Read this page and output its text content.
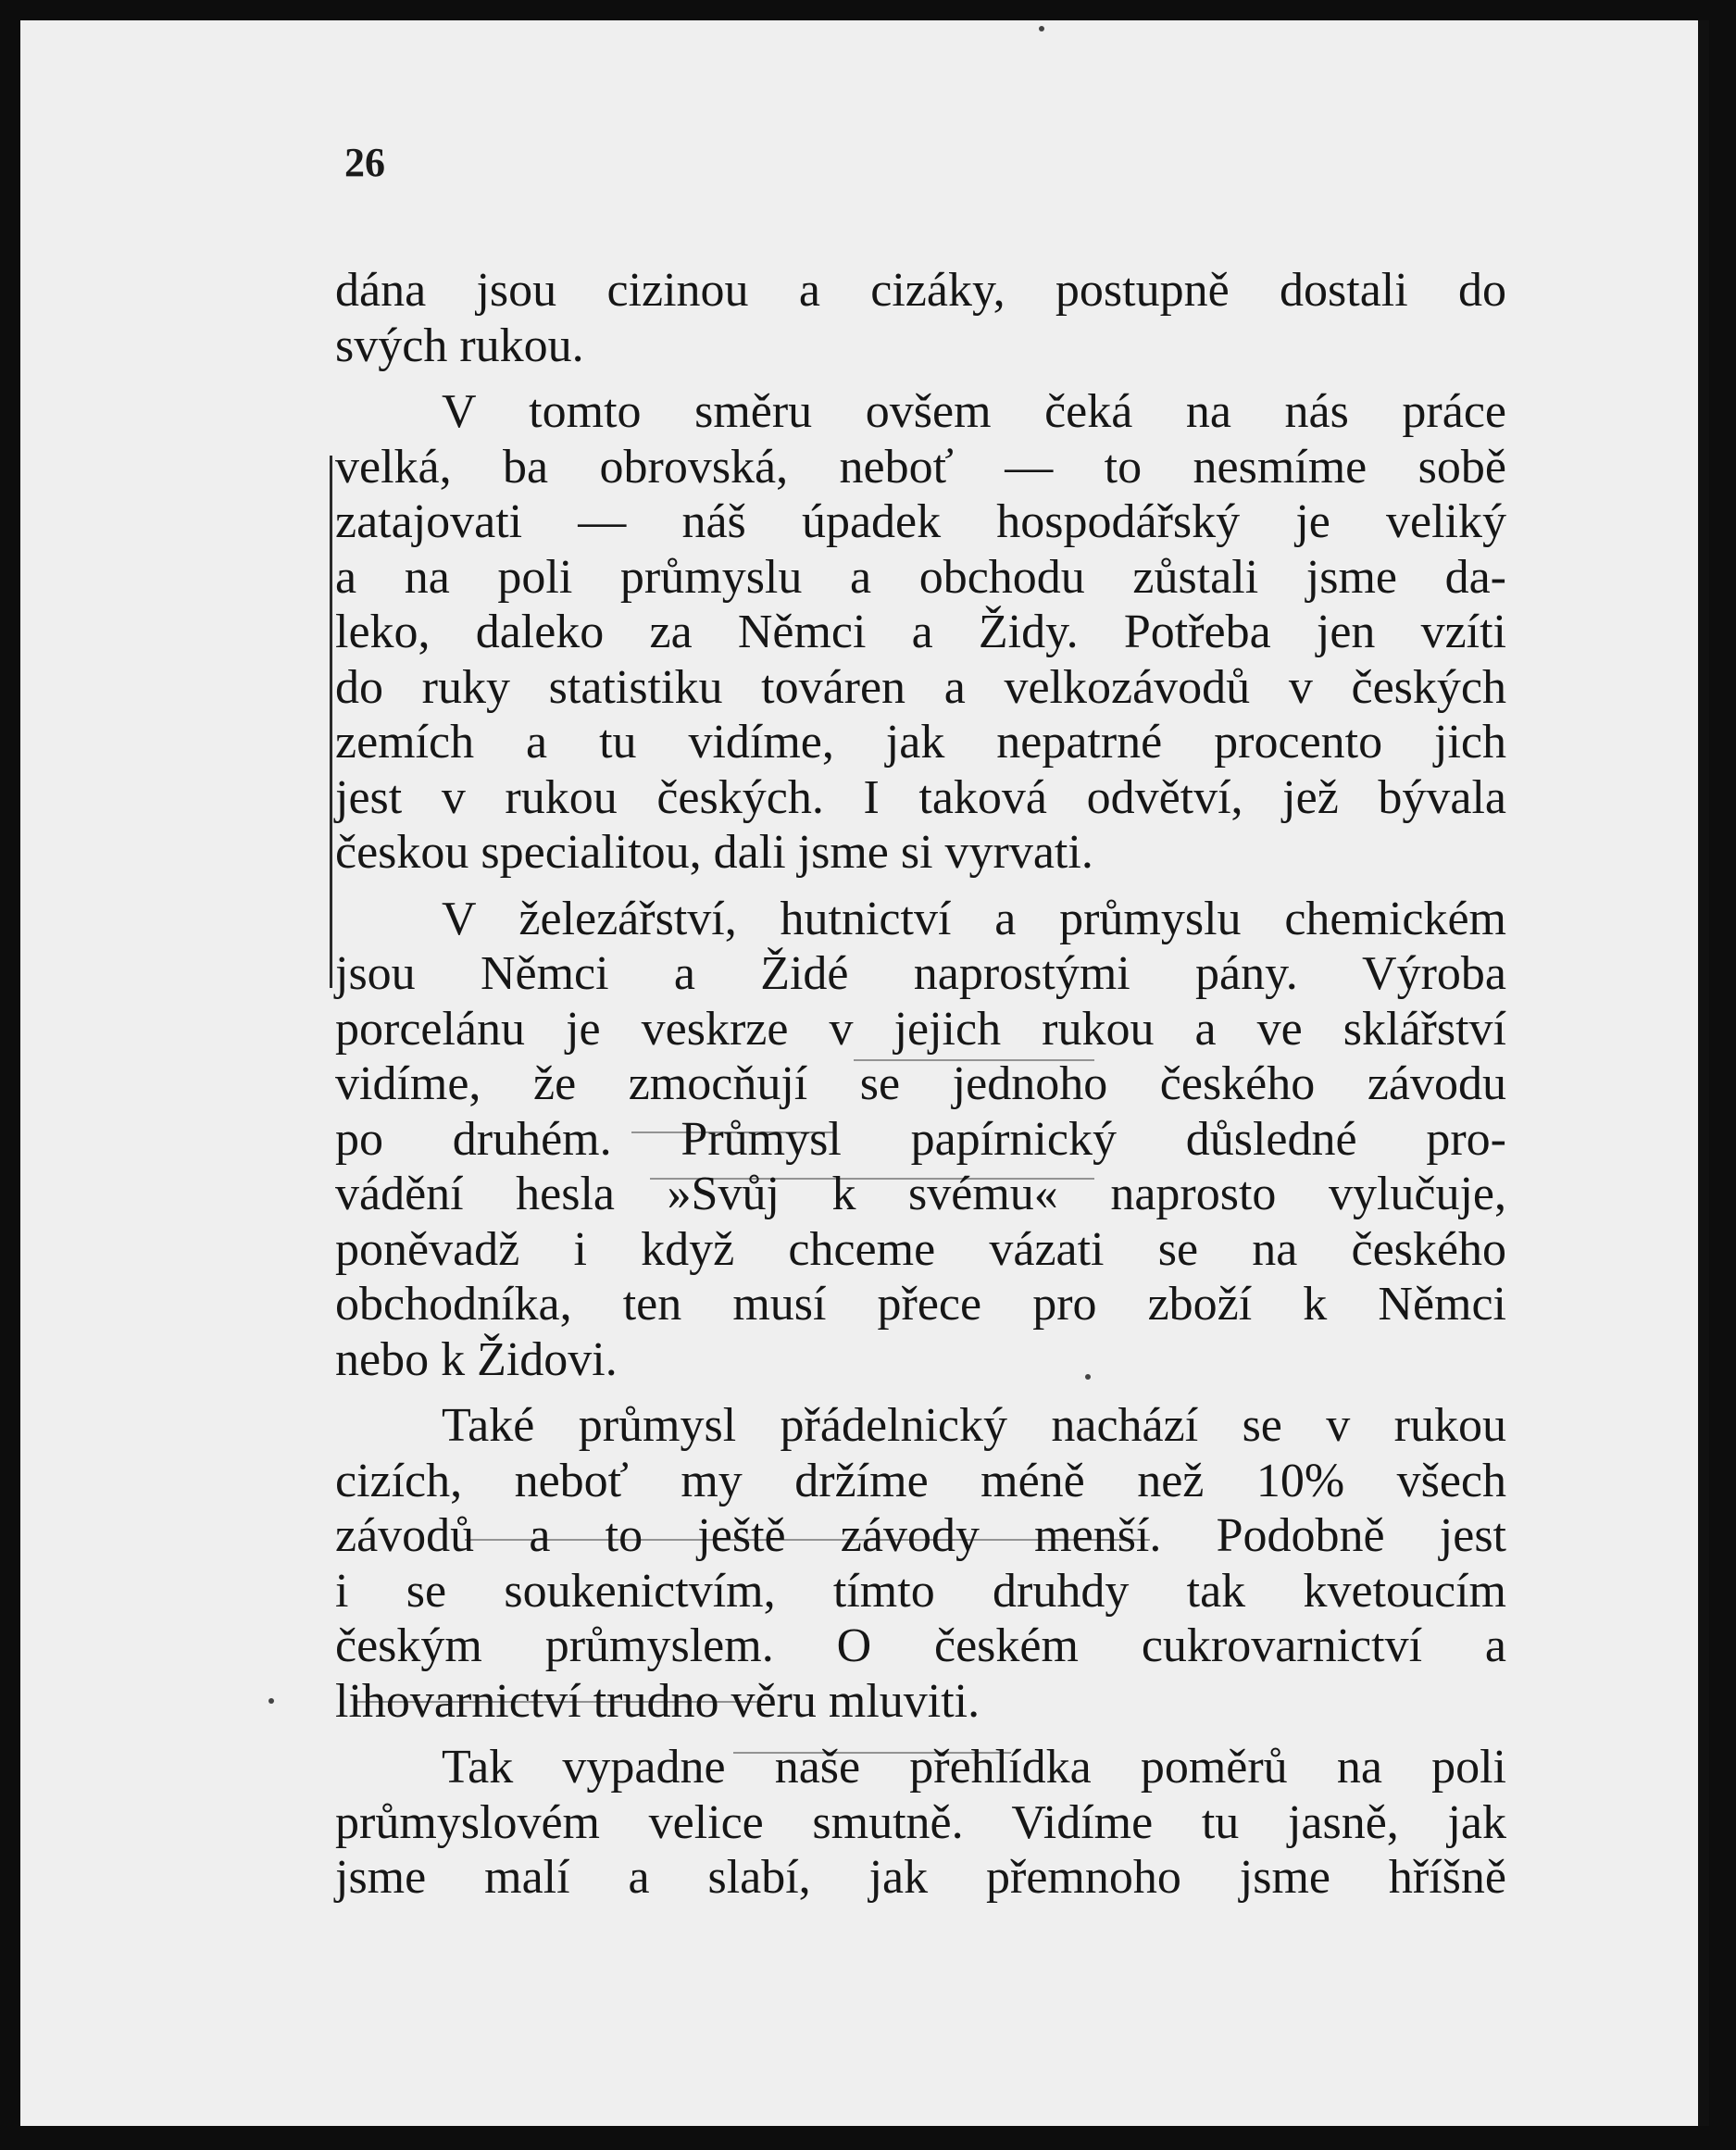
26
dána jsou cizinou a cizáky, postupně dostali do
svých rukou.
V tomto směru ovšem čeká na nás práce
velká, ba obrovská, neboť — to nesmíme sobě
zatajovati — náš úpadek hospodářský je veliký
a na poli průmyslu a obchodu zůstali jsme da-
leko, daleko za Němci a Židy. Potřeba jen vzíti
do ruky statistiku továren a velkozávodů v českých
zemích a tu vidíme, jak nepatrné procento jich
jest v rukou českých. I taková odvětví, jež bývala
českou specialitou, dali jsme si vyrvati.
V železářství, hutnictví a průmyslu chemickém
jsou Němci a Židé naprostými pány. Výroba
porcelánu je veskrze v jejich rukou a ve sklářství
vidíme, že zmocňují se jednoho českého závodu
po druhém. Průmysl papírnický důsledné pro-
vádění hesla »Svůj k svému« naprosto vylučuje,
poněvadž i když chceme vázati se na českého
obchodníka, ten musí přece pro zboží k Němci
nebo k Židovi.
Také průmysl přádelnický nachází se v rukou
cizích, neboť my držíme méně než 10% všech
závodů a to ještě závody menší. Podobně jest
i se soukenictvím, tímto druhdy tak kvetoucím
českým průmyslem. O českém cukrovarnictví a
lihovarnictví trudno věru mluviti.
Tak vypadne naše přehlídka poměrů na poli
průmyslovém velice smutně. Vidíme tu jasně, jak
jsme malí a slabí, jak přemnoho jsme hříšně
